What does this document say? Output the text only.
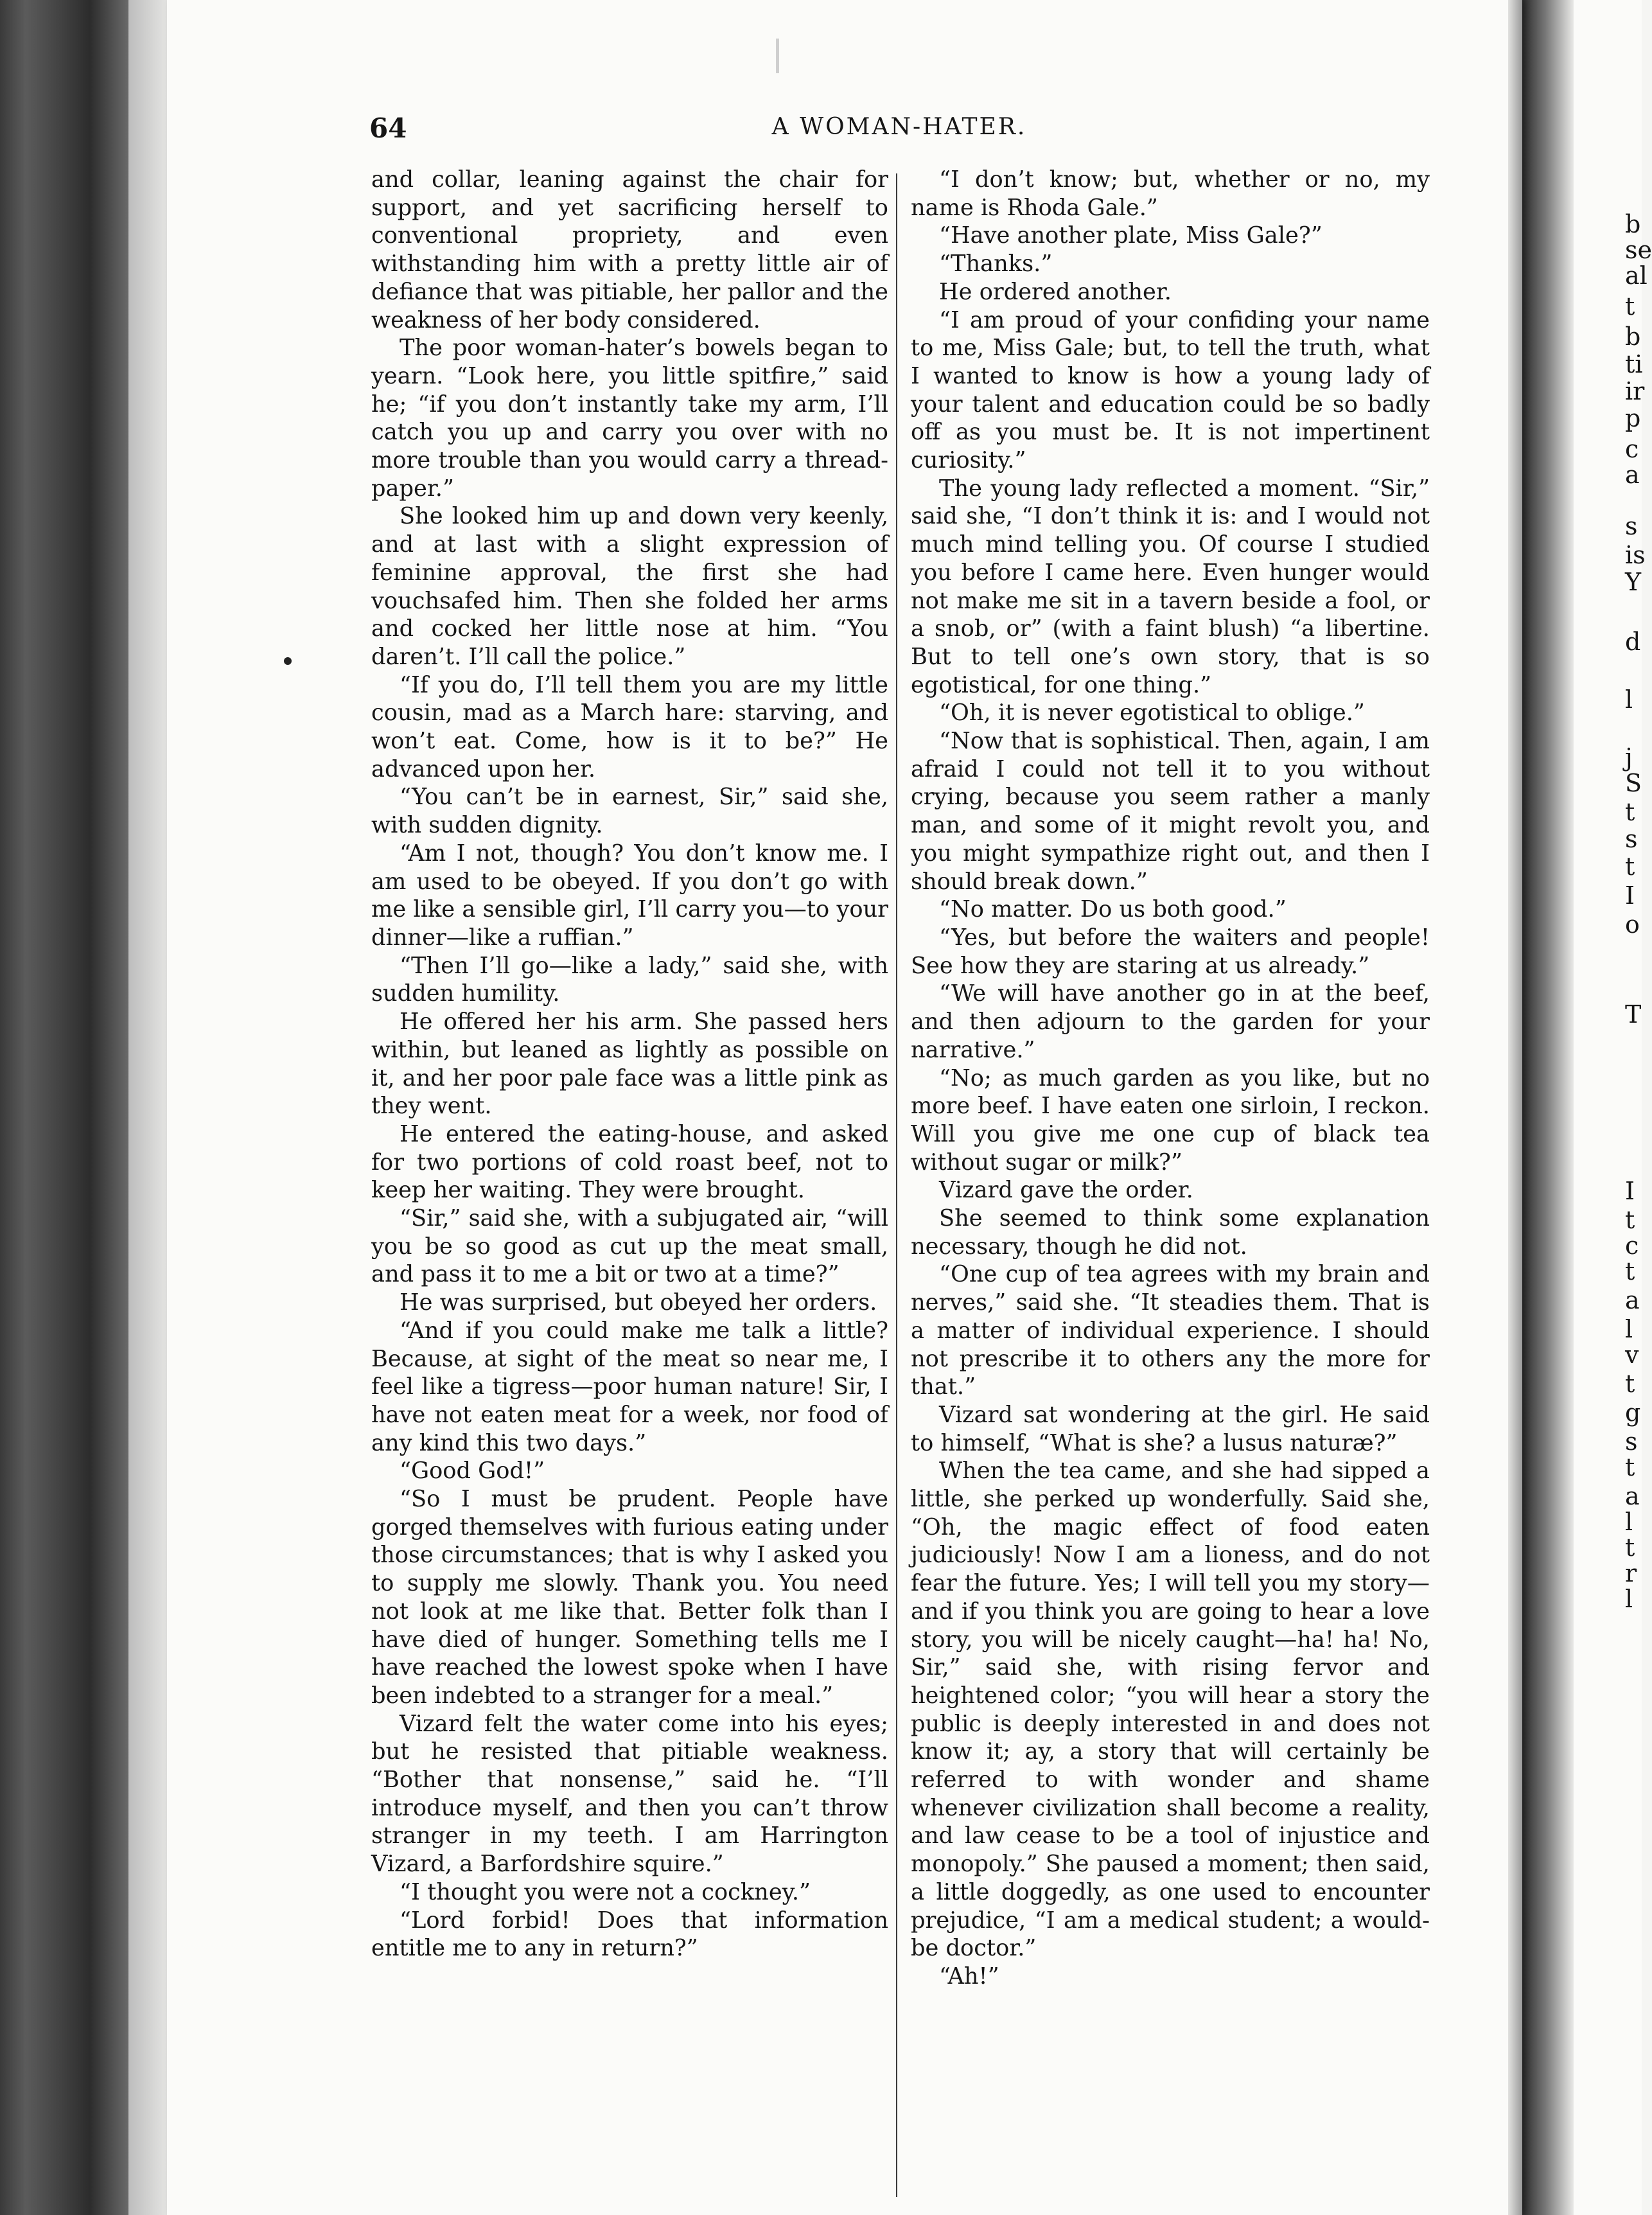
b
se
al
t
b
ti
ir
p
c
a
s
is
Y
d
l
j
S
t
s
t
I
o
T
I
t
c
t
a
l
v
t
g
s
t
a
l
t
r
l
64	A WOMAN-HATER.

and collar, leaning against the chair for support, and yet sacrificing herself to conventional propriety, and even withstanding him with a pretty little air of defiance that was pitiable, her pallor and the weakness of her body considered.

The poor woman-hater’s bowels began to yearn. “Look here, you little spitfire,” said he; “if you don’t instantly take my arm, I’ll catch you up and carry you over with no more trouble than you would carry a thread-paper.”

She looked him up and down very keenly, and at last with a slight expression of feminine approval, the first she had vouchsafed him. Then she folded her arms and cocked her little nose at him. “You daren’t. I’ll call the police.”

“If you do, I’ll tell them you are my little cousin, mad as a March hare: starving, and won’t eat. Come, how is it to be?” He advanced upon her.

“You can’t be in earnest, Sir,” said she, with sudden dignity.

“Am I not, though? You don’t know me. I am used to be obeyed. If you don’t go with me like a sensible girl, I’ll carry you—to your dinner—like a ruffian.”

“Then I’ll go—like a lady,” said she, with sudden humility.

He offered her his arm. She passed hers within, but leaned as lightly as possible on it, and her poor pale face was a little pink as they went.

He entered the eating-house, and asked for two portions of cold roast beef, not to keep her waiting. They were brought.

“Sir,” said she, with a subjugated air, “will you be so good as cut up the meat small, and pass it to me a bit or two at a time?”

He was surprised, but obeyed her orders.

“And if you could make me talk a little? Because, at sight of the meat so near me, I feel like a tigress—poor human nature! Sir, I have not eaten meat for a week, nor food of any kind this two days.”

“Good God!”

“So I must be prudent. People have gorged themselves with furious eating under those circumstances; that is why I asked you to supply me slowly. Thank you. You need not look at me like that. Better folk than I have died of hunger. Something tells me I have reached the lowest spoke when I have been indebted to a stranger for a meal.”

Vizard felt the water come into his eyes; but he resisted that pitiable weakness. “Bother that nonsense,” said he. “I’ll introduce myself, and then you can’t throw stranger in my teeth. I am Harrington Vizard, a Barfordshire squire.”

“I thought you were not a cockney.”

“Lord forbid! Does that information entitle me to any in return?”

“I don’t know; but, whether or no, my name is Rhoda Gale.”

“Have another plate, Miss Gale?”

“Thanks.”

He ordered another.

“I am proud of your confiding your name to me, Miss Gale; but, to tell the truth, what I wanted to know is how a young lady of your talent and education could be so badly off as you must be. It is not impertinent curiosity.”

The young lady reflected a moment. “Sir,” said she, “I don’t think it is: and I would not much mind telling you. Of course I studied you before I came here. Even hunger would not make me sit in a tavern beside a fool, or a snob, or” (with a faint blush) “a libertine. But to tell one’s own story, that is so egotistical, for one thing.”

“Oh, it is never egotistical to oblige.”

“Now that is sophistical. Then, again, I am afraid I could not tell it to you without crying, because you seem rather a manly man, and some of it might revolt you, and you might sympathize right out, and then I should break down.”

“No matter. Do us both good.”

“Yes, but before the waiters and people! See how they are staring at us already.”

“We will have another go in at the beef, and then adjourn to the garden for your narrative.”

“No; as much garden as you like, but no more beef. I have eaten one sirloin, I reckon. Will you give me one cup of black tea without sugar or milk?”

Vizard gave the order.

She seemed to think some explanation necessary, though he did not.

“One cup of tea agrees with my brain and nerves,” said she. “It steadies them. That is a matter of individual experience. I should not prescribe it to others any the more for that.”

Vizard sat wondering at the girl. He said to himself, “What is she? a lusus naturæ?”

When the tea came, and she had sipped a little, she perked up wonderfully. Said she, “Oh, the magic effect of food eaten judiciously! Now I am a lioness, and do not fear the future. Yes; I will tell you my story—and if you think you are going to hear a love story, you will be nicely caught—ha! ha! No, Sir,” said she, with rising fervor and heightened color; “you will hear a story the public is deeply interested in and does not know it; ay, a story that will certainly be referred to with wonder and shame whenever civilization shall become a reality, and law cease to be a tool of injustice and monopoly.” She paused a moment; then said, a little doggedly, as one used to encounter prejudice, “I am a medical student; a would-be doctor.”

“Ah!”
